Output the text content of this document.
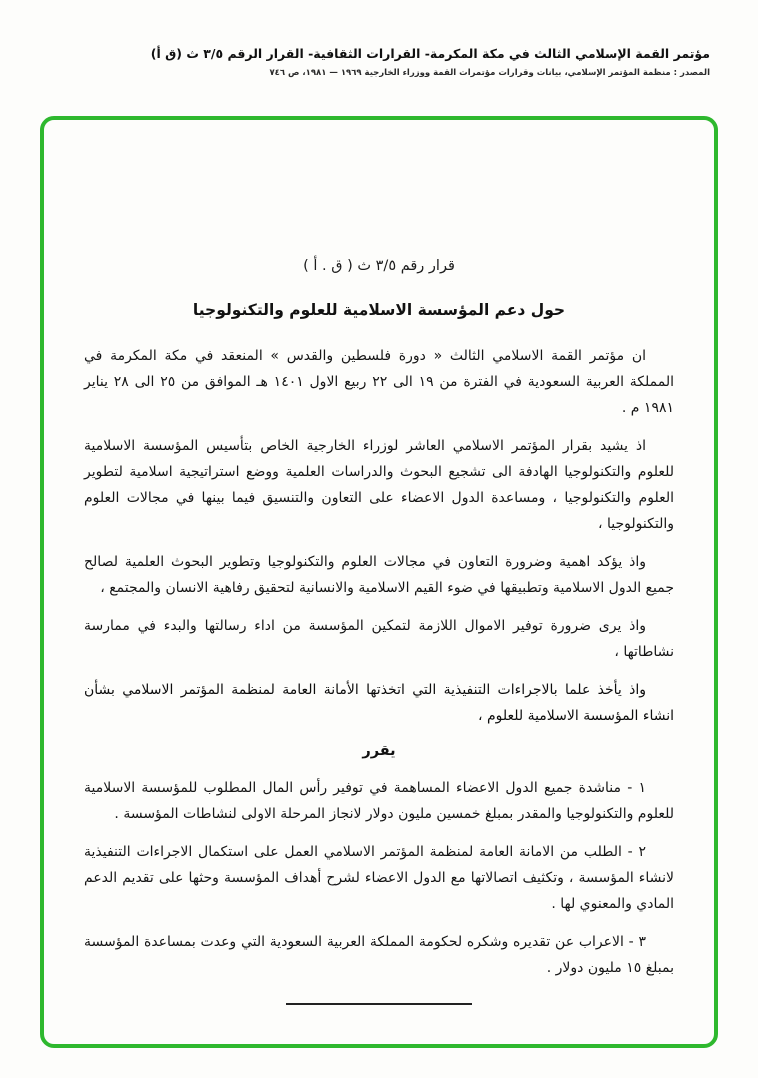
مؤتمر القمة الإسلامي الثالث في مكة المكرمة- القرارات الثقافية- القرار الرقم ٣/٥ ث (ق أ)
المصدر : منظمة المؤتمر الإسلامي، بيانات وقرارات مؤتمرات القمة ووزراء الخارجية ١٩٦٩ — ١٩٨١، ص ٧٤٦
قرار رقم ٣/٥ ث ( ق . أ )
حول دعم المؤسسة الاسلامية للعلوم والتكنولوجيا

ان مؤتمر القمة الاسلامي الثالث « دورة فلسطين والقدس » المنعقد في مكة المكرمة في المملكة العربية السعودية في الفترة من ١٩ الى ٢٢ ربيع الاول ١٤٠١ هـ الموافق من ٢٥ الى ٢٨ يناير ١٩٨١ م .

اذ يشيد بقرار المؤتمر الاسلامي العاشر لوزراء الخارجية الخاص بتأسيس المؤسسة الاسلامية للعلوم والتكنولوجيا الهادفة الى تشجيع البحوث والدراسات العلمية ووضع استراتيجية اسلامية لتطوير العلوم والتكنولوجيا ، ومساعدة الدول الاعضاء على التعاون والتنسيق فيما بينها في مجالات العلوم والتكنولوجيا ،

واذ يؤكد اهمية وضرورة التعاون في مجالات العلوم والتكنولوجيا وتطوير البحوث العلمية لصالح جميع الدول الاسلامية وتطبيقها في ضوء القيم الاسلامية والانسانية لتحقيق رفاهية الانسان والمجتمع ،

واذ يرى ضرورة توفير الاموال اللازمة لتمكين المؤسسة من اداء رسالتها والبدء في ممارسة نشاطاتها ،

واذ يأخذ علما بالاجراءات التنفيذية التي اتخذتها الأمانة العامة لمنظمة المؤتمر الاسلامي بشأن انشاء المؤسسة الاسلامية للعلوم ،

يقرر

١ - مناشدة جميع الدول الاعضاء المساهمة في توفير رأس المال المطلوب للمؤسسة الاسلامية للعلوم والتكنولوجيا والمقدر بمبلغ خمسين مليون دولار لانجاز المرحلة الاولى لنشاطات المؤسسة .

٢ - الطلب من الامانة العامة لمنظمة المؤتمر الاسلامي العمل على استكمال الاجراءات التنفيذية لانشاء المؤسسة ، وتكثيف اتصالاتها مع الدول الاعضاء لشرح أهداف المؤسسة وحثها على تقديم الدعم المادي والمعنوي لها .

٣ - الاعراب عن تقديره وشكره لحكومة المملكة العربية السعودية التي وعدت بمساعدة المؤسسة بمبلغ ١٥ مليون دولار .
